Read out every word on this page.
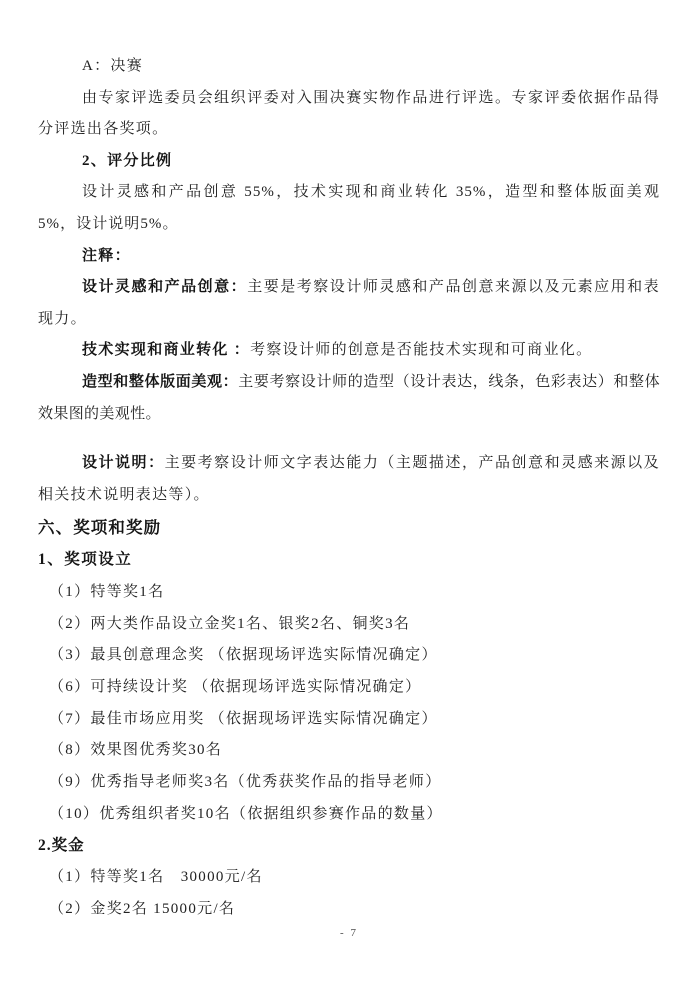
A：决赛

由专家评选委员会组织评委对入围决赛实物作品进行评选。专家评委依据作品得分评选出各奖项。

2、评分比例

设计灵感和产品创意 55%，技术实现和商业转化 35%，造型和整体版面美观 5%，设计说明5%。

注释：

设计灵感和产品创意：主要是考察设计师灵感和产品创意来源以及元素应用和表现力。

技术实现和商业转化 ：考察设计师的创意是否能技术实现和可商业化。

造型和整体版面美观：主要考察设计师的造型（设计表达，线条，色彩表达）和整体效果图的美观性。

设计说明：主要考察设计师文字表达能力（主题描述，产品创意和灵感来源以及相关技术说明表达等）。

六、奖项和奖励

1、奖项设立

（1）特等奖1名

（2）两大类作品设立金奖1名、银奖2名、铜奖3名

（3）最具创意理念奖 （依据现场评选实际情况确定）

（6）可持续设计奖 （依据现场评选实际情况确定）

（7）最佳市场应用奖 （依据现场评选实际情况确定）

（8）效果图优秀奖30名

（9）优秀指导老师奖3名（优秀获奖作品的指导老师）

（10）优秀组织者奖10名（依据组织参赛作品的数量）

2.奖金

（1）特等奖1名　30000元/名

（2）金奖2名 15000元/名

- 7
